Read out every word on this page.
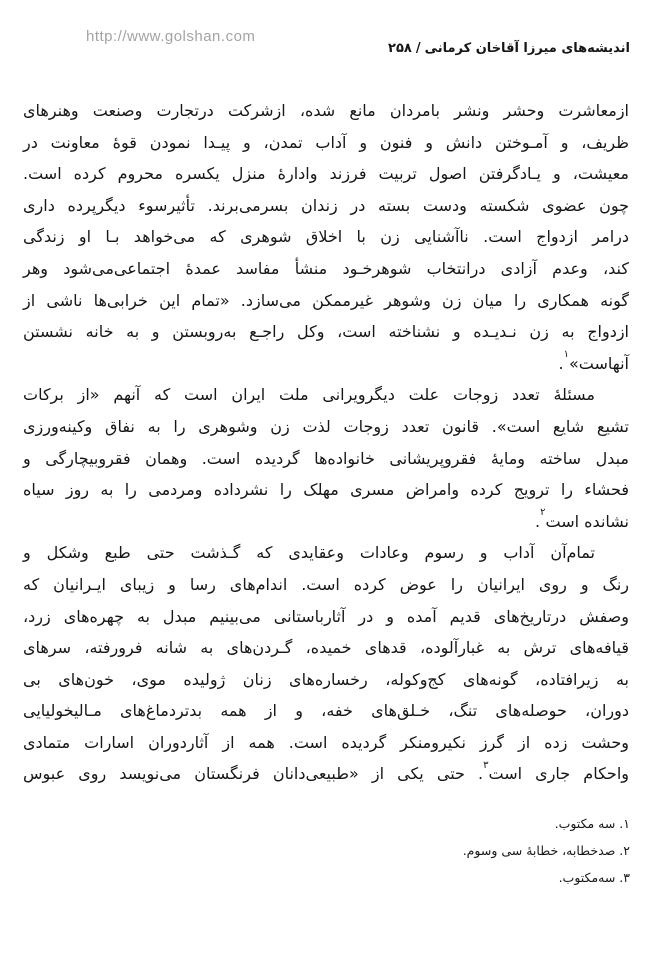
http://www.golshan.com
اندیشه‌های میرزا آقاخان کرمانی/۲۵۸
ازمعاشرت وحشر ونشر بامردان مانع شده، ازشرکت درتجارت وصنعت وهنرهای
ظریف، و آمـوختن دانش و فنون و آداب تمدن، و پیـدا نمودن قوهٔ معاونت در
معیشت، و یـادگرفتن اصول تربیت فرزند وادارهٔ منزل یکسره محروم کرده است.
چون عضوی شکسته ودست بسته در زندان بسرمی‌برند. تأثیرسوء دیگرپرده داری
درامر ازدواج است. ناآشنایی زن با اخلاق شوهری که می‌خواهد بـا او زندگی
کند، وعدم آزادی درانتخاب شوهرخـود منشأ مفاسد عمدهٔ اجتماعی‌می‌شود وهر
گونه همکاری را میان زن وشوهر غیرممکن می‌سازد. «تمام این خرابی‌ها ناشی از
ازدواج به زن نـدیـده و نشناخته است، وکل راجـع به‌روبستن و به خانه نشستن
آنهاست»$^۱$.
مسئلهٔ تعدد زوجات علت دیگرویرانی ملت ایران است که آنهم «از برکات
تشیع شایع است». قانون تعدد زوجات لذت زن وشوهری را به نفاق وکینه‌ورزی
مبدل ساخته ومایهٔ فقروپریشانی خانواده‌ها گردیده است. وهمان فقروبیچارگی و
فحشاء را ترویج کرده وامراض مسری مهلک را نشرداده ومردمی را به روز سیاه
نشانده است$^۲$.
تمام‌آن آداب و رسوم وعادات وعقایدی که گـذشت حتی طبع وشکل و
رنگ و روی ایرانیان را عوض کرده است. اندام‌های رسا و زیبای ایـرانیان که
وصفش درتاریخ‌های قدیم آمده و در آثارباستانی می‌بینیم مبدل به چهره‌های زرد،
قیافه‌های ترش به غبارآلوده، قدهای خمیده، گـردن‌های به شانه فرورفته، سرهای
به زیرافتاده، گونه‌های کج‌وکوله، رخساره‌های زنان ژولیده موی، خون‌های بی‌
دوران، حوصله‌های تنگ، خـلق‌های خفه، و از همه بدتردماغ‌های مـالیخولیایی
وحشت زده از گرز نکیرومنکر گردیده است. همه از آثاردوران اسارات متمادی
واحکام جاری است$^۳$. حتی یکی از «طبیعی‌دانان فرنگستان می‌نویسد روی عبوس
۱. سه مکتوب.
۲. صدخطابه، خطابهٔ سی وسوم.
۳. سه‌مکتوب.
